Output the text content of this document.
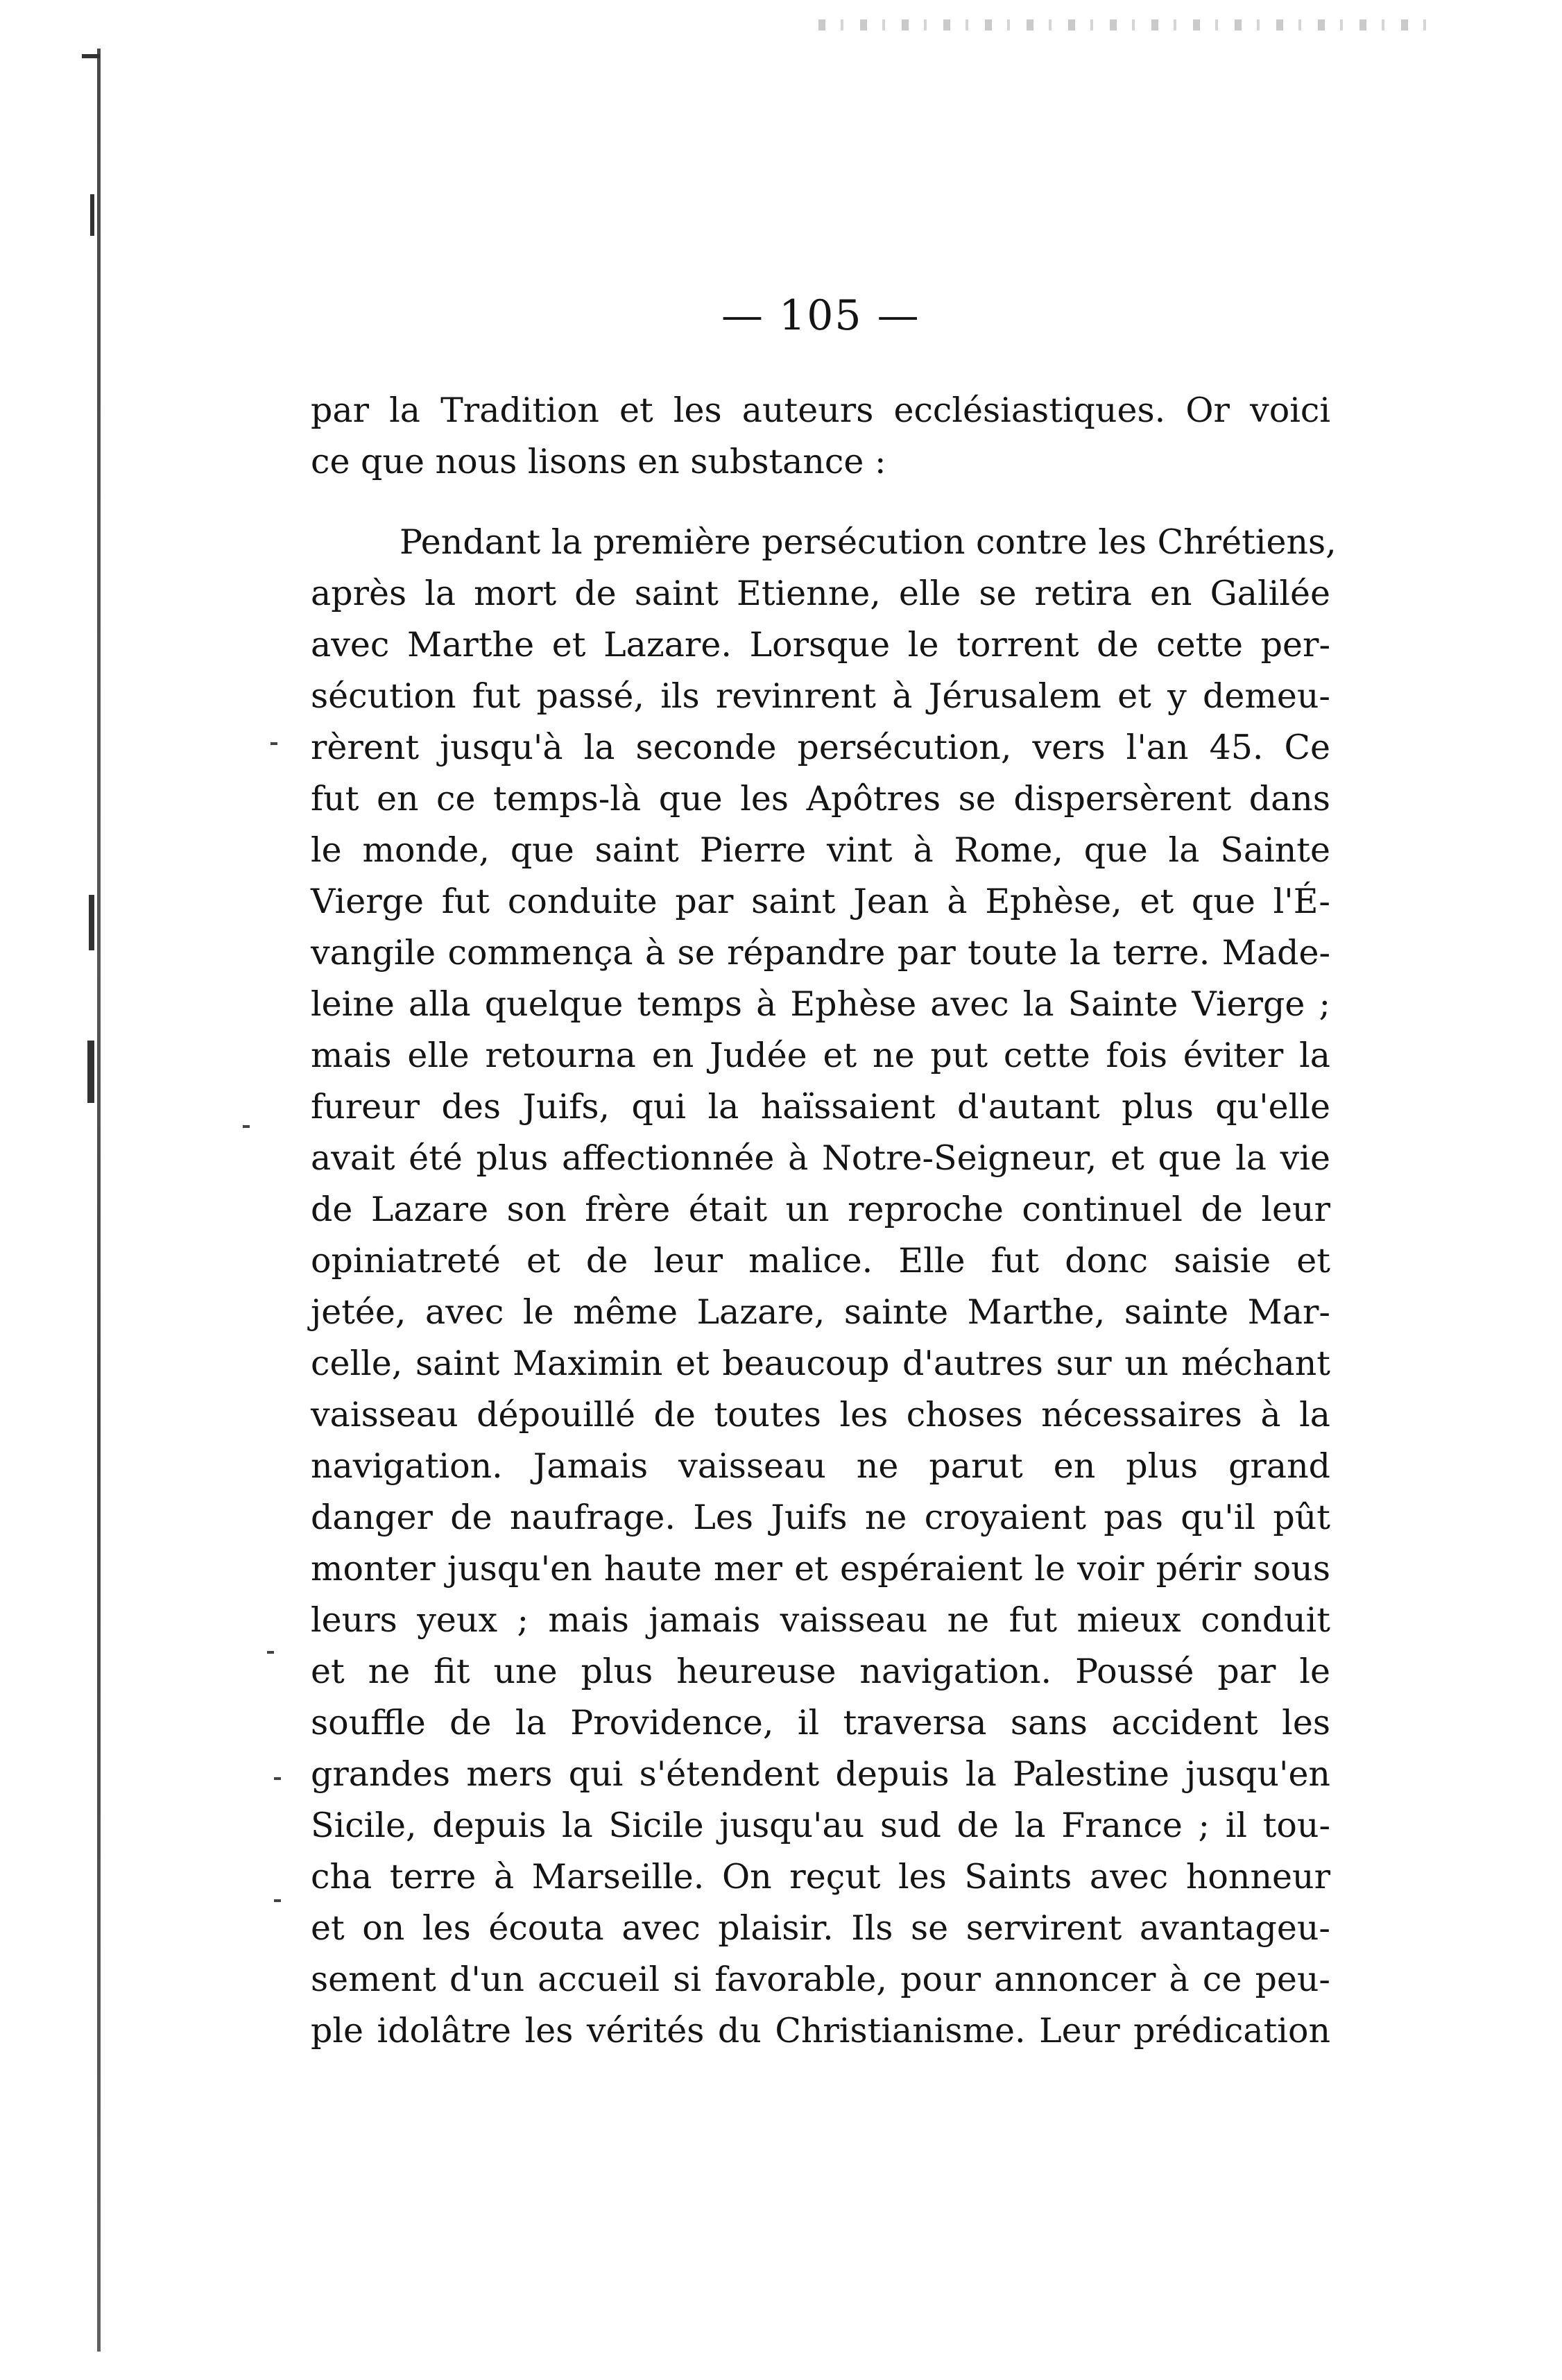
— 105 —
par la Tradition et les auteurs ecclésiastiques. Or voici
ce que nous lisons en substance :
Pendant la première persécution contre les Chrétiens,
après la mort de saint Etienne, elle se retira en Galilée
avec Marthe et Lazare. Lorsque le torrent de cette per-
sécution fut passé, ils revinrent à Jérusalem et y demeu-
rèrent jusqu'à la seconde persécution, vers l'an 45. Ce
fut en ce temps-là que les Apôtres se dispersèrent dans
le monde, que saint Pierre vint à Rome, que la Sainte
Vierge fut conduite par saint Jean à Ephèse, et que l'É-
vangile commença à se répandre par toute la terre. Made-
leine alla quelque temps à Ephèse avec la Sainte Vierge ;
mais elle retourna en Judée et ne put cette fois éviter la
fureur des Juifs, qui la haïssaient d'autant plus qu'elle
avait été plus affectionnée à Notre-Seigneur, et que la vie
de Lazare son frère était un reproche continuel de leur
opiniatreté et de leur malice. Elle fut donc saisie et
jetée, avec le même Lazare, sainte Marthe, sainte Mar-
celle, saint Maximin et beaucoup d'autres sur un méchant
vaisseau dépouillé de toutes les choses nécessaires à la
navigation. Jamais vaisseau ne parut en plus grand
danger de naufrage. Les Juifs ne croyaient pas qu'il pût
monter jusqu'en haute mer et espéraient le voir périr sous
leurs yeux ; mais jamais vaisseau ne fut mieux conduit
et ne fit une plus heureuse navigation. Poussé par le
souffle de la Providence, il traversa sans accident les
grandes mers qui s'étendent depuis la Palestine jusqu'en
Sicile, depuis la Sicile jusqu'au sud de la France ; il tou-
cha terre à Marseille. On reçut les Saints avec honneur
et on les écouta avec plaisir. Ils se servirent avantageu-
sement d'un accueil si favorable, pour annoncer à ce peu-
ple idolâtre les vérités du Christianisme. Leur prédication
